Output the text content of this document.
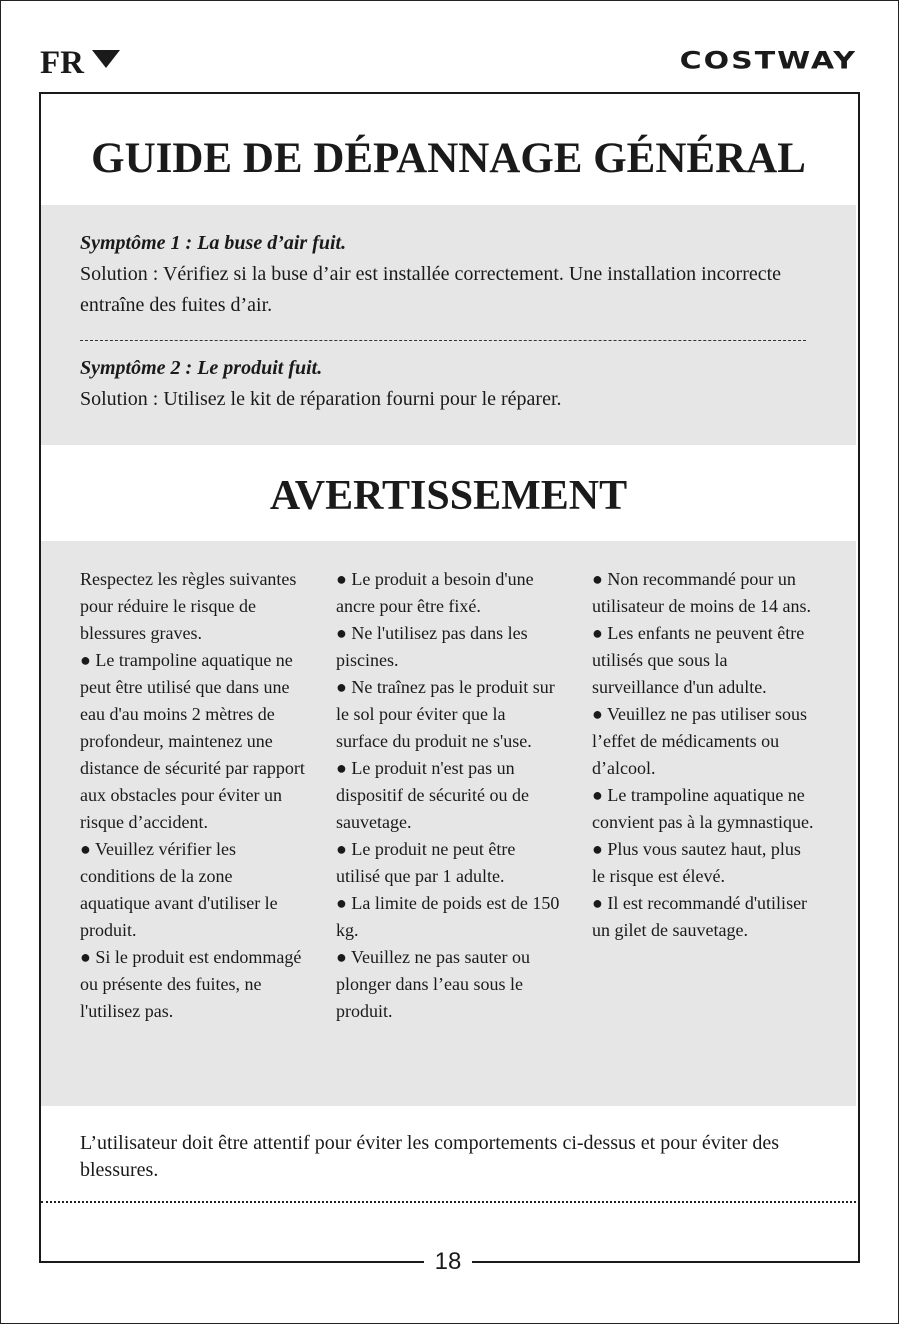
FR	COSTWAY
GUIDE DE DÉPANNAGE GÉNÉRAL
Symptôme 1 : La buse d’air fuit.
Solution : Vérifiez si la buse d’air est installée correctement. Une installation incorrecte entraîne des fuites d’air.
Symptôme 2 : Le produit fuit.
Solution : Utilisez le kit de réparation fourni pour le réparer.
AVERTISSEMENT

Respectez les règles suivantes pour réduire le risque de blessures graves.

● Le trampoline aquatique ne peut être utilisé que dans une eau d'au moins 2 mètres de profondeur, maintenez une distance de sécurité par rapport aux obstacles pour éviter un risque d’accident.

● Veuillez vérifier les conditions de la zone aquatique avant d'utiliser le produit.

● Si le produit est endommagé ou présente des fuites, ne l'utilisez pas.

● Le produit a besoin d'une ancre pour être fixé.

● Ne l'utilisez pas dans les piscines.

● Ne traînez pas le produit sur le sol pour éviter que la surface du produit ne s'use.

● Le produit n'est pas un dispositif de sécurité ou de sauvetage.

● Le produit ne peut être utilisé que par 1 adulte.

● La limite de poids est de 150 kg.

● Veuillez ne pas sauter ou plonger dans l’eau sous le produit.

● Non recommandé pour un utilisateur de moins de 14 ans.

● Les enfants ne peuvent être utilisés que sous la surveillance d'un adulte.

● Veuillez ne pas utiliser sous l’effet de médicaments ou d’alcool.

● Le trampoline aquatique ne convient pas à la gymnastique.

● Plus vous sautez haut, plus le risque est élevé.

● Il est recommandé d'utiliser un gilet de sauvetage.

L’utilisateur doit être attentif pour éviter les comportements ci-dessus et pour éviter des blessures.
18
